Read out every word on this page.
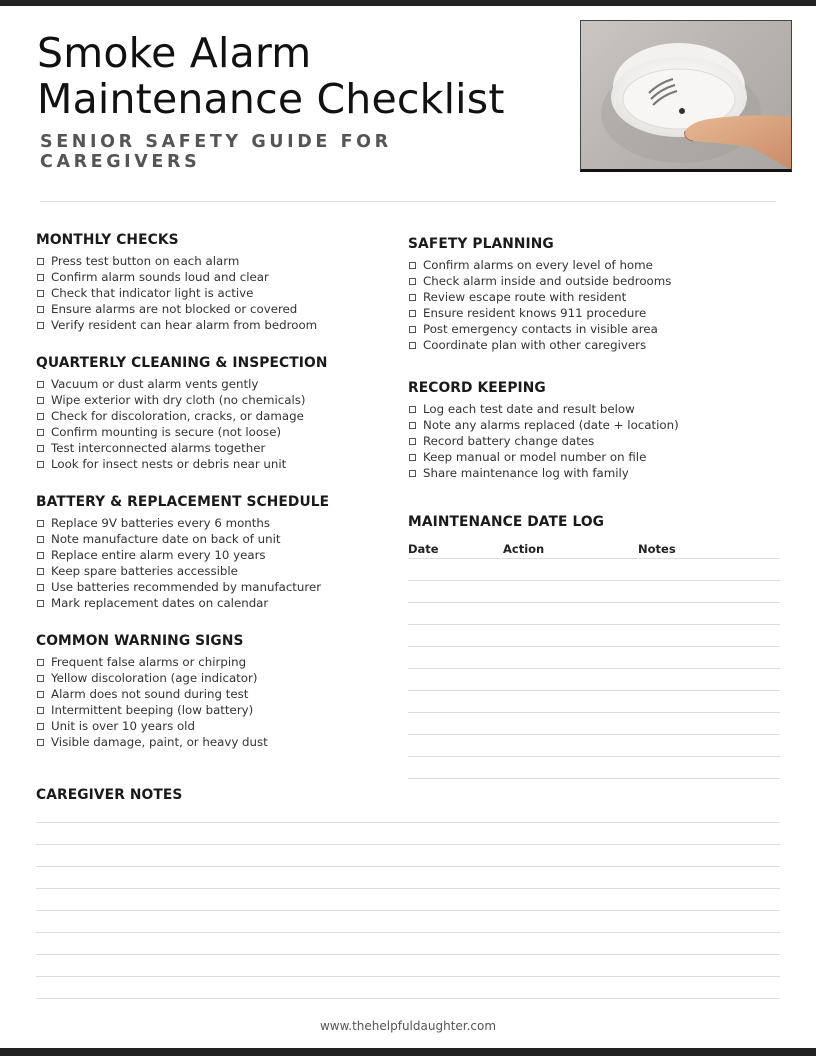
Smoke Alarm
Maintenance Checklist
SENIOR SAFETY GUIDE FOR CAREGIVERS
MONTHLY CHECKS
Press test button on each alarm
Confirm alarm sounds loud and clear
Check that indicator light is active
Ensure alarms are not blocked or covered
Verify resident can hear alarm from bedroom
QUARTERLY CLEANING & INSPECTION
Vacuum or dust alarm vents gently
Wipe exterior with dry cloth (no chemicals)
Check for discoloration, cracks, or damage
Confirm mounting is secure (not loose)
Test interconnected alarms together
Look for insect nests or debris near unit
BATTERY & REPLACEMENT SCHEDULE
Replace 9V batteries every 6 months
Note manufacture date on back of unit
Replace entire alarm every 10 years
Keep spare batteries accessible
Use batteries recommended by manufacturer
Mark replacement dates on calendar
COMMON WARNING SIGNS
Frequent false alarms or chirping
Yellow discoloration (age indicator)
Alarm does not sound during test
Intermittent beeping (low battery)
Unit is over 10 years old
Visible damage, paint, or heavy dust
SAFETY PLANNING
Confirm alarms on every level of home
Check alarm inside and outside bedrooms
Review escape route with resident
Ensure resident knows 911 procedure
Post emergency contacts in visible area
Coordinate plan with other caregivers
RECORD KEEPING
Log each test date and result below
Note any alarms replaced (date + location)
Record battery change dates
Keep manual or model number on file
Share maintenance log with family
MAINTENANCE DATE LOG
Date	Action	Notes
CAREGIVER NOTES
www.thehelpfuldaughter.com
